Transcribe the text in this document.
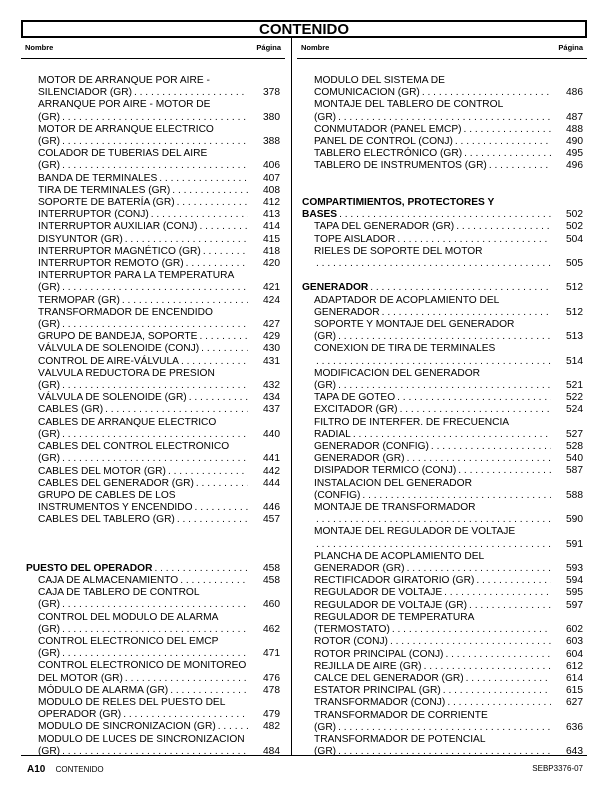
CONTENIDO
Nombre	Página	Nombre	Página
MOTOR DE ARRANQUE POR AIRE -
SILENCIADOR (GR) . . .	378
ARRANQUE POR AIRE - MOTOR DE
(GR) . . .	380
MOTOR DE ARRANQUE ELÉCTRICO
(GR) . . .	388
COLADOR DE TUBERIAS DEL AIRE
(GR) . . .	406
BANDA DE TERMINALES . . .	407
TIRA DE TERMINALES (GR) . . .	408
SOPORTE DE BATERÍA (GR) . . .	412
INTERRUPTOR (CONJ) . . .	413
INTERRUPTOR AUXILIAR (CONJ) . . .	414
DISYUNTOR (GR) . . .	415
INTERRUPTOR MAGNÉTICO (GR) . . .	418
INTERRUPTOR REMOTO (GR) . . .	420
INTERRUPTOR PARA LA TEMPERATURA
(GR) . . .	421
TERMOPAR (GR) . . .	424
TRANSFORMADOR DE ENCENDIDO
(GR) . . .	427
GRUPO DE BANDEJA, SOPORTE . . .	429
VÁLVULA DE SOLENOIDE (CONJ) . . .	430
CONTROL DE AIRE-VÁLVULA . . .	431
VÁLVULA REDUCTORA DE PRESIÓN
(GR) . . .	432
VÁLVULA DE SOLENOIDE (GR) . . .	434
CABLES (GR) . . .	437
CABLES DE ARRANQUE ELECTRICO
(GR) . . .	440
CABLES DEL CONTROL ELECTRÓNICO
(GR) . . .	441
CABLES DEL MOTOR (GR) . . .	442
CABLES DEL GENERADOR (GR) . . .	444
GRUPO DE CABLES DE LOS
INSTRUMENTOS Y ENCENDIDO . . .	446
CABLES DEL TABLERO (GR) . . .	457
PUESTO DEL OPERADOR . . .	458
CAJA DE ALMACENAMIENTO . . .	458
CAJA DE TABLERO DE CONTROL
(GR) . . .	460
CONTROL DEL MÓDULO DE ALARMA
(GR) . . .	462
CONTROL ELECTRÓNICO DEL EMCP
(GR) . . .	471
CONTROL ELECTRÓNICO DE MONITOREO
DEL MOTOR (GR) . . .	476
MÓDULO DE ALARMA (GR) . . .	478
MODULO DE RELES DEL PUESTO DEL
OPERADOR (GR) . . .	479
MODULO DE SINCRONIZACION (GR) . . .	482
MÓDULO DE LUCES DE SINCRONIZACIÓN
(GR) . . .	484
MODULO DEL SISTEMA DE
COMUNICACION (GR) . . .	486
MONTAJE DEL TABLERO DE CONTROL
(GR) . . .	487
CONMUTADOR (PANEL EMCP) . . .	488
PANEL DE CONTROL (CONJ) . . .	490
TABLERO ELECTRÓNICO (GR) . . .	495
TABLERO DE INSTRUMENTOS (GR) . . .	496
COMPARTIMIENTOS, PROTECTORES Y
BASES . . .	502
TAPA DEL GENERADOR (GR) . . .	502
TOPE AISLADOR . . .	504
RIELES DE SOPORTE DEL MOTOR
. . .
505
GENERADOR . . .	512
ADAPTADOR DE ACOPLAMIENTO DEL
GENERADOR . . .	512
SOPORTE Y MONTAJE DEL GENERADOR
(GR) . . .	513
CONEXION DE TIRA DE TERMINALES
. . .
514
MODIFICACIÓN DEL GENERADOR
(GR) . . .	521
TAPA DE GOTEO . . .	522
EXCITADOR (GR) . . .	524
FILTRO DE INTERFER. DE FRECUENCIA
RADIAL . . .	527
GENERADOR (CONFIG) . . .	528
GENERADOR (GR) . . .	540
DISIPADOR TERMICO (CONJ) . . .	587
INSTALACIÓN DEL GENERADOR
(CONFIG) . . .	588
MONTAJE DE TRANSFORMADOR
. . .
590
MONTAJE DEL REGULADOR DE VOLTAJE
. . .
591
PLANCHA DE ACOPLAMIENTO DEL
GENERADOR (GR) . . .	593
RECTIFICADOR GIRATORIO (GR) . . .	594
REGULADOR DE VOLTAJE . . .	595
REGULADOR DE VOLTAJE (GR) . . .	597
REGULADOR DE TEMPERATURA
(TERMOSTATO) . . .	602
ROTOR (CONJ) . . .	603
ROTOR PRINCIPAL (CONJ) . . .	604
REJILLA DE AIRE (GR) . . .	612
CALCE DEL GENERADOR (GR) . . .	614
ESTATOR PRINCIPAL (GR) . . .	615
TRANSFORMADOR (CONJ) . . .	627
TRANSFORMADOR DE CORRIENTE
(GR) . . .	636
TRANSFORMADOR DE POTENCIAL
(GR) . . .	643
A10 CONTENIDO	SEBP3376-07
